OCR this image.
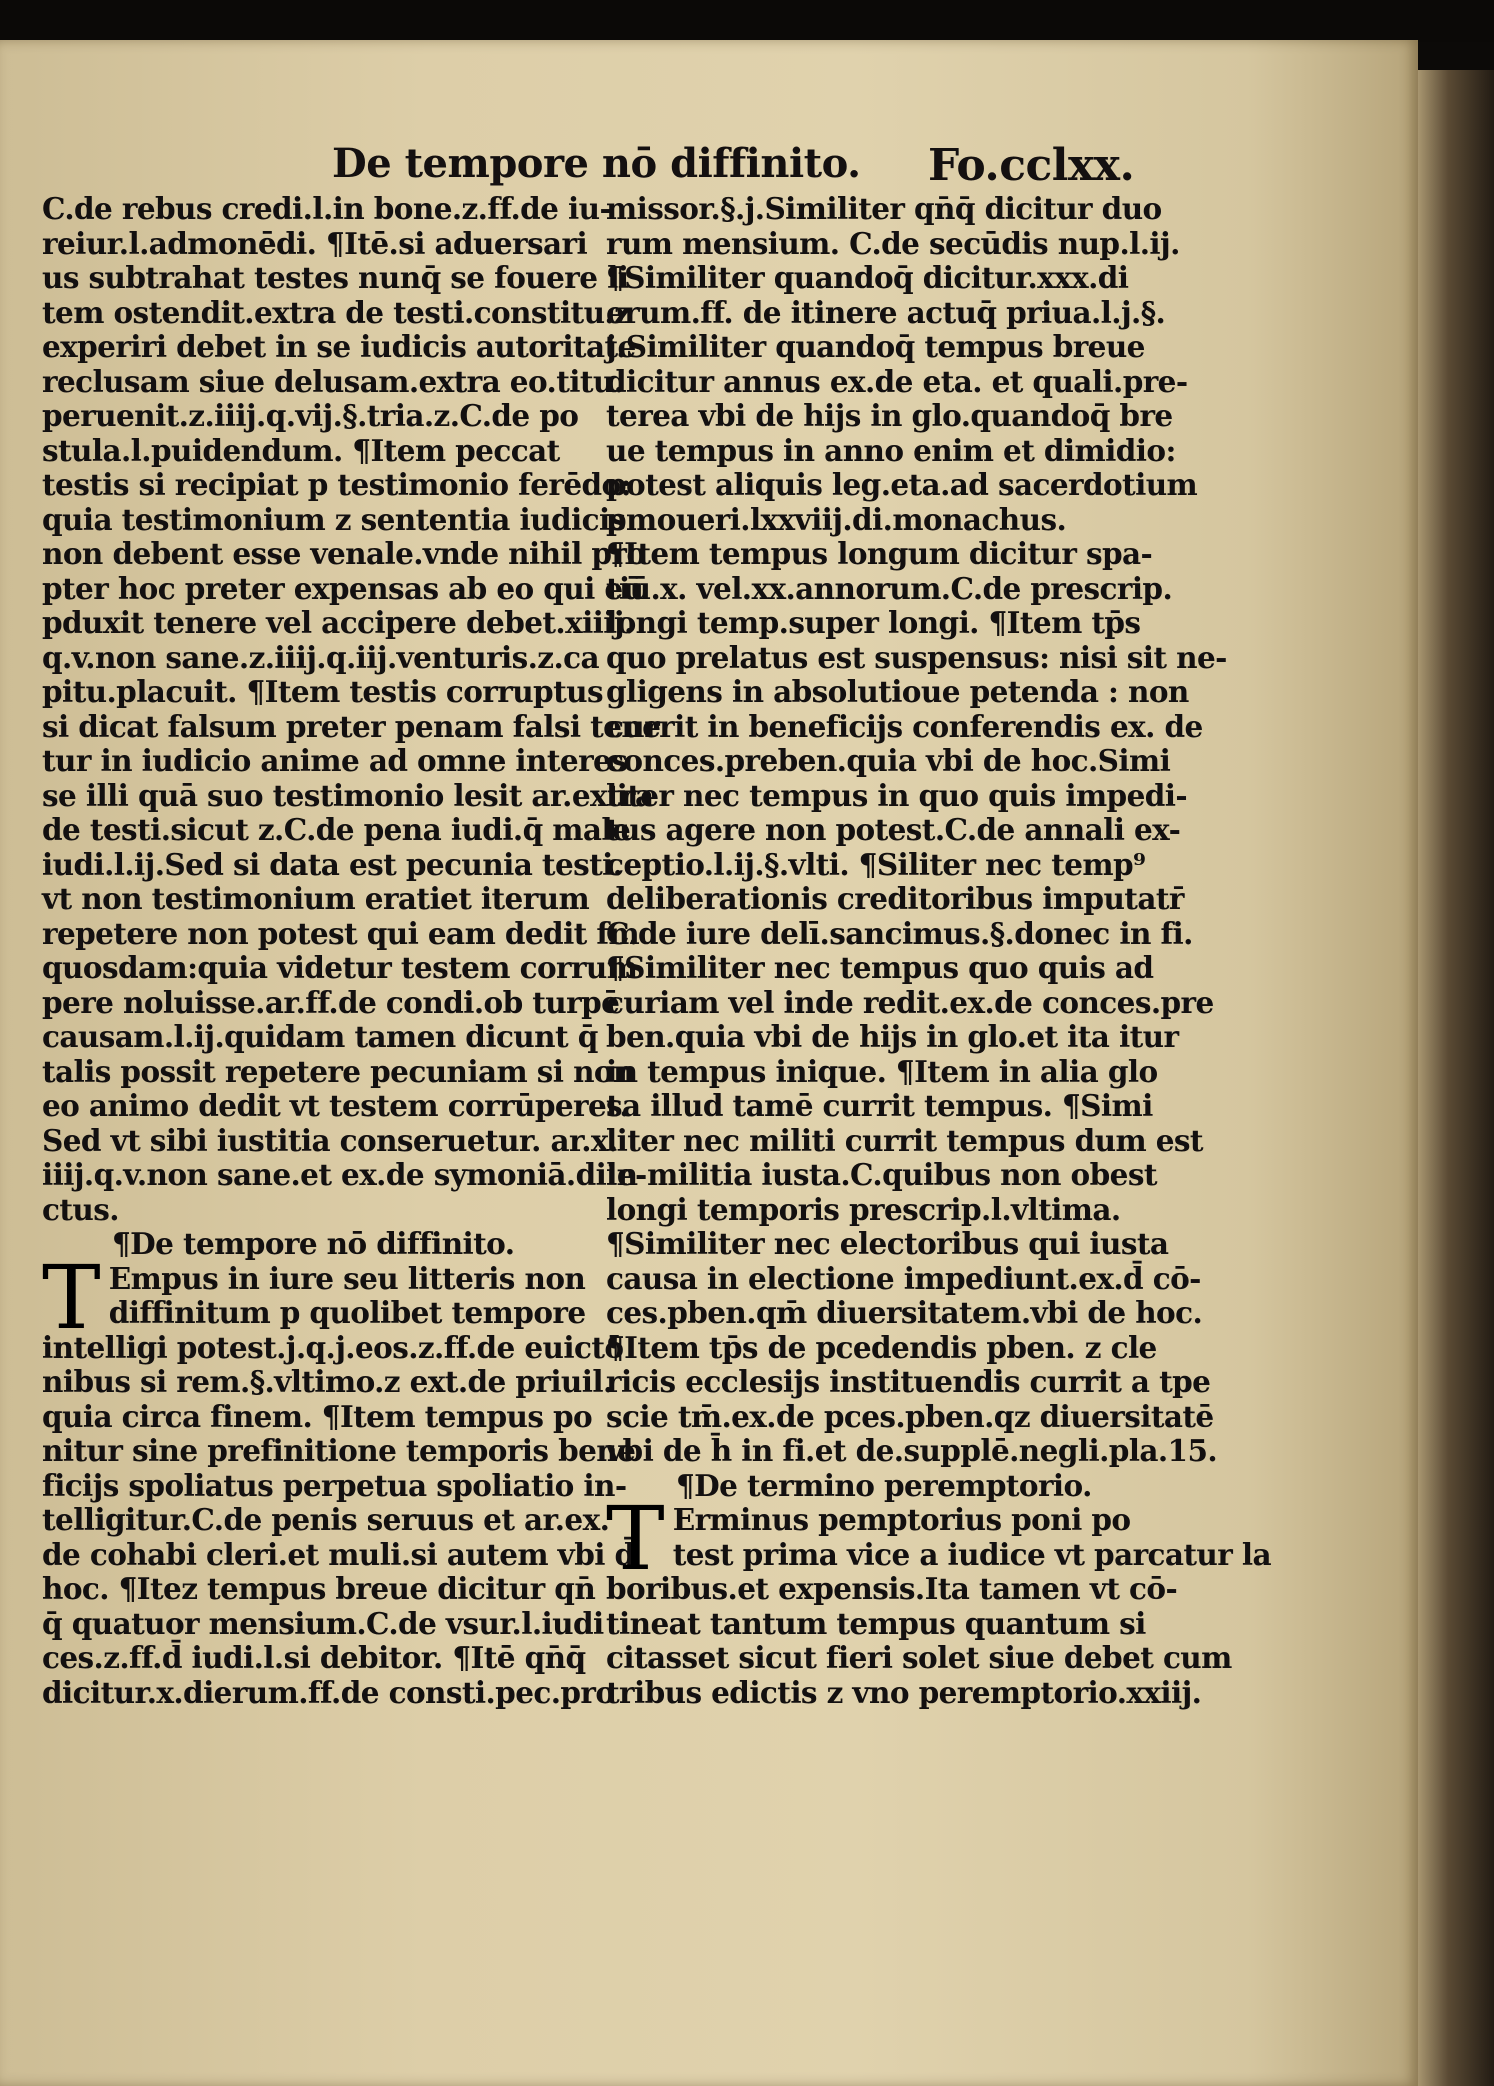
De tempore nō diffinito. Fo.cclxx.
C.de rebus credi.l.in bone.z.ff.de iu-
reiur.l.admonēdi. ¶Itē.si aduersari
us subtrahat testes nunq̄ se fouere li
tem ostendit.extra de testi.constitu.z
experiri debet in se iudicis autoritate
reclusam siue delusam.extra eo.titu.
peruenit.z.iiij.q.vij.§.tria.z.C.de po
stula.l.puidendum. ¶Item peccat
testis si recipiat p testimonio ferēdo:
quia testimonium z sententia iudicis
non debent esse venale.vnde nihil pro
pter hoc preter expensas ab eo qui eū
pduxit tenere vel accipere debet.xiiij.
q.v.non sane.z.iiij.q.iij.venturis.z.ca
pitu.placuit. ¶Item testis corruptus
si dicat falsum preter penam falsi tene
tur in iudicio anime ad omne interes
se illi quā suo testimonio lesit ar.extra
de testi.sicut z.C.de pena iudi.q̄ male
iudi.l.ij.Sed si data est pecunia testi.
vt non testimonium eratiet iterum
repetere non potest qui eam dedit fm
quosdam:quia videtur testem corrum
pere noluisse.ar.ff.de condi.ob turpē
causam.l.ij.quidam tamen dicunt q̄
talis possit repetere pecuniam si non
eo animo dedit vt testem corrūperet.
Sed vt sibi iustitia conseruetur. ar.x.
iiij.q.v.non sane.et ex.de symoniā.dile-
ctus.
¶De tempore nō diffinito.
T Empus in iure seu litteris non
diffinitum p quolibet tempore
intelligi potest.j.q.j.eos.z.ff.de euictō
nibus si rem.§.vltimo.z ext.de priuil.
quia circa finem. ¶Item tempus po
nitur sine prefinitione temporis bene
ficijs spoliatus perpetua spoliatio in-
telligitur.C.de penis seruus et ar.ex.
de cohabi cleri.et muli.si autem vbi d̄
hoc. ¶Itez tempus breue dicitur qn̄
q̄ quatuor mensium.C.de vsur.l.iudi
ces.z.ff.d̄ iudi.l.si debitor. ¶Itē qn̄q̄
dicitur.x.dierum.ff.de consti.pec.pro
missor.§.j.Similiter qn̄q̄ dicitur duo
rum mensium. C.de secūdis nup.l.ij.
¶Similiter quandoq̄ dicitur.xxx.di
erum.ff. de itinere actuq̄ priua.l.j.§.
j.Similiter quandoq̄ tempus breue
dicitur annus ex.de eta. et quali.pre-
terea vbi de hijs in glo.quandoq̄ bre
ue tempus in anno enim et dimidio:
potest aliquis leg.eta.ad sacerdotium
pmoueri.lxxviij.di.monachus.
¶Item tempus longum dicitur spa-
tiū.x. vel.xx.annorum.C.de prescrip.
longi temp.super longi. ¶Item tp̄s
quo prelatus est suspensus: nisi sit ne-
gligens in absolutioue petenda : non
currit in beneficijs conferendis ex. de
conces.preben.quia vbi de hoc.Simi
liter nec tempus in quo quis impedi-
tus agere non potest.C.de annali ex-
ceptio.l.ij.§.vlti. ¶Siliter nec temp⁹
deliberationis creditoribus imputatr̄
C.de iure delī.sancimus.§.donec in fi.
¶Similiter nec tempus quo quis ad
curiam vel inde redit.ex.de conces.pre
ben.quia vbi de hijs in glo.et ita itur
in tempus inique. ¶Item in alia glo
sa illud tamē currit tempus. ¶Simi
liter nec militi currit tempus dum est
in militia iusta.C.quibus non obest
longi temporis prescrip.l.vltima.
¶Similiter nec electoribus qui iusta
causa in electione impediunt.ex.d̄ cō-
ces.pben.qm̄ diuersitatem.vbi de hoc.
¶Item tp̄s de pcedendis pben. z cle
ricis ecclesijs instituendis currit a tpe
scie tm̄.ex.de pces.pben.qz diuersitatē
vbi de h̄ in fi.et de.supplē.negli.pla.15.
¶De termino peremptorio.
T Erminus pemptorius poni po
test prima vice a iudice vt parcatur la
boribus.et expensis.Ita tamen vt cō-
tineat tantum tempus quantum si
citasset sicut fieri solet siue debet cum
tribus edictis z vno peremptorio.xxiij.
